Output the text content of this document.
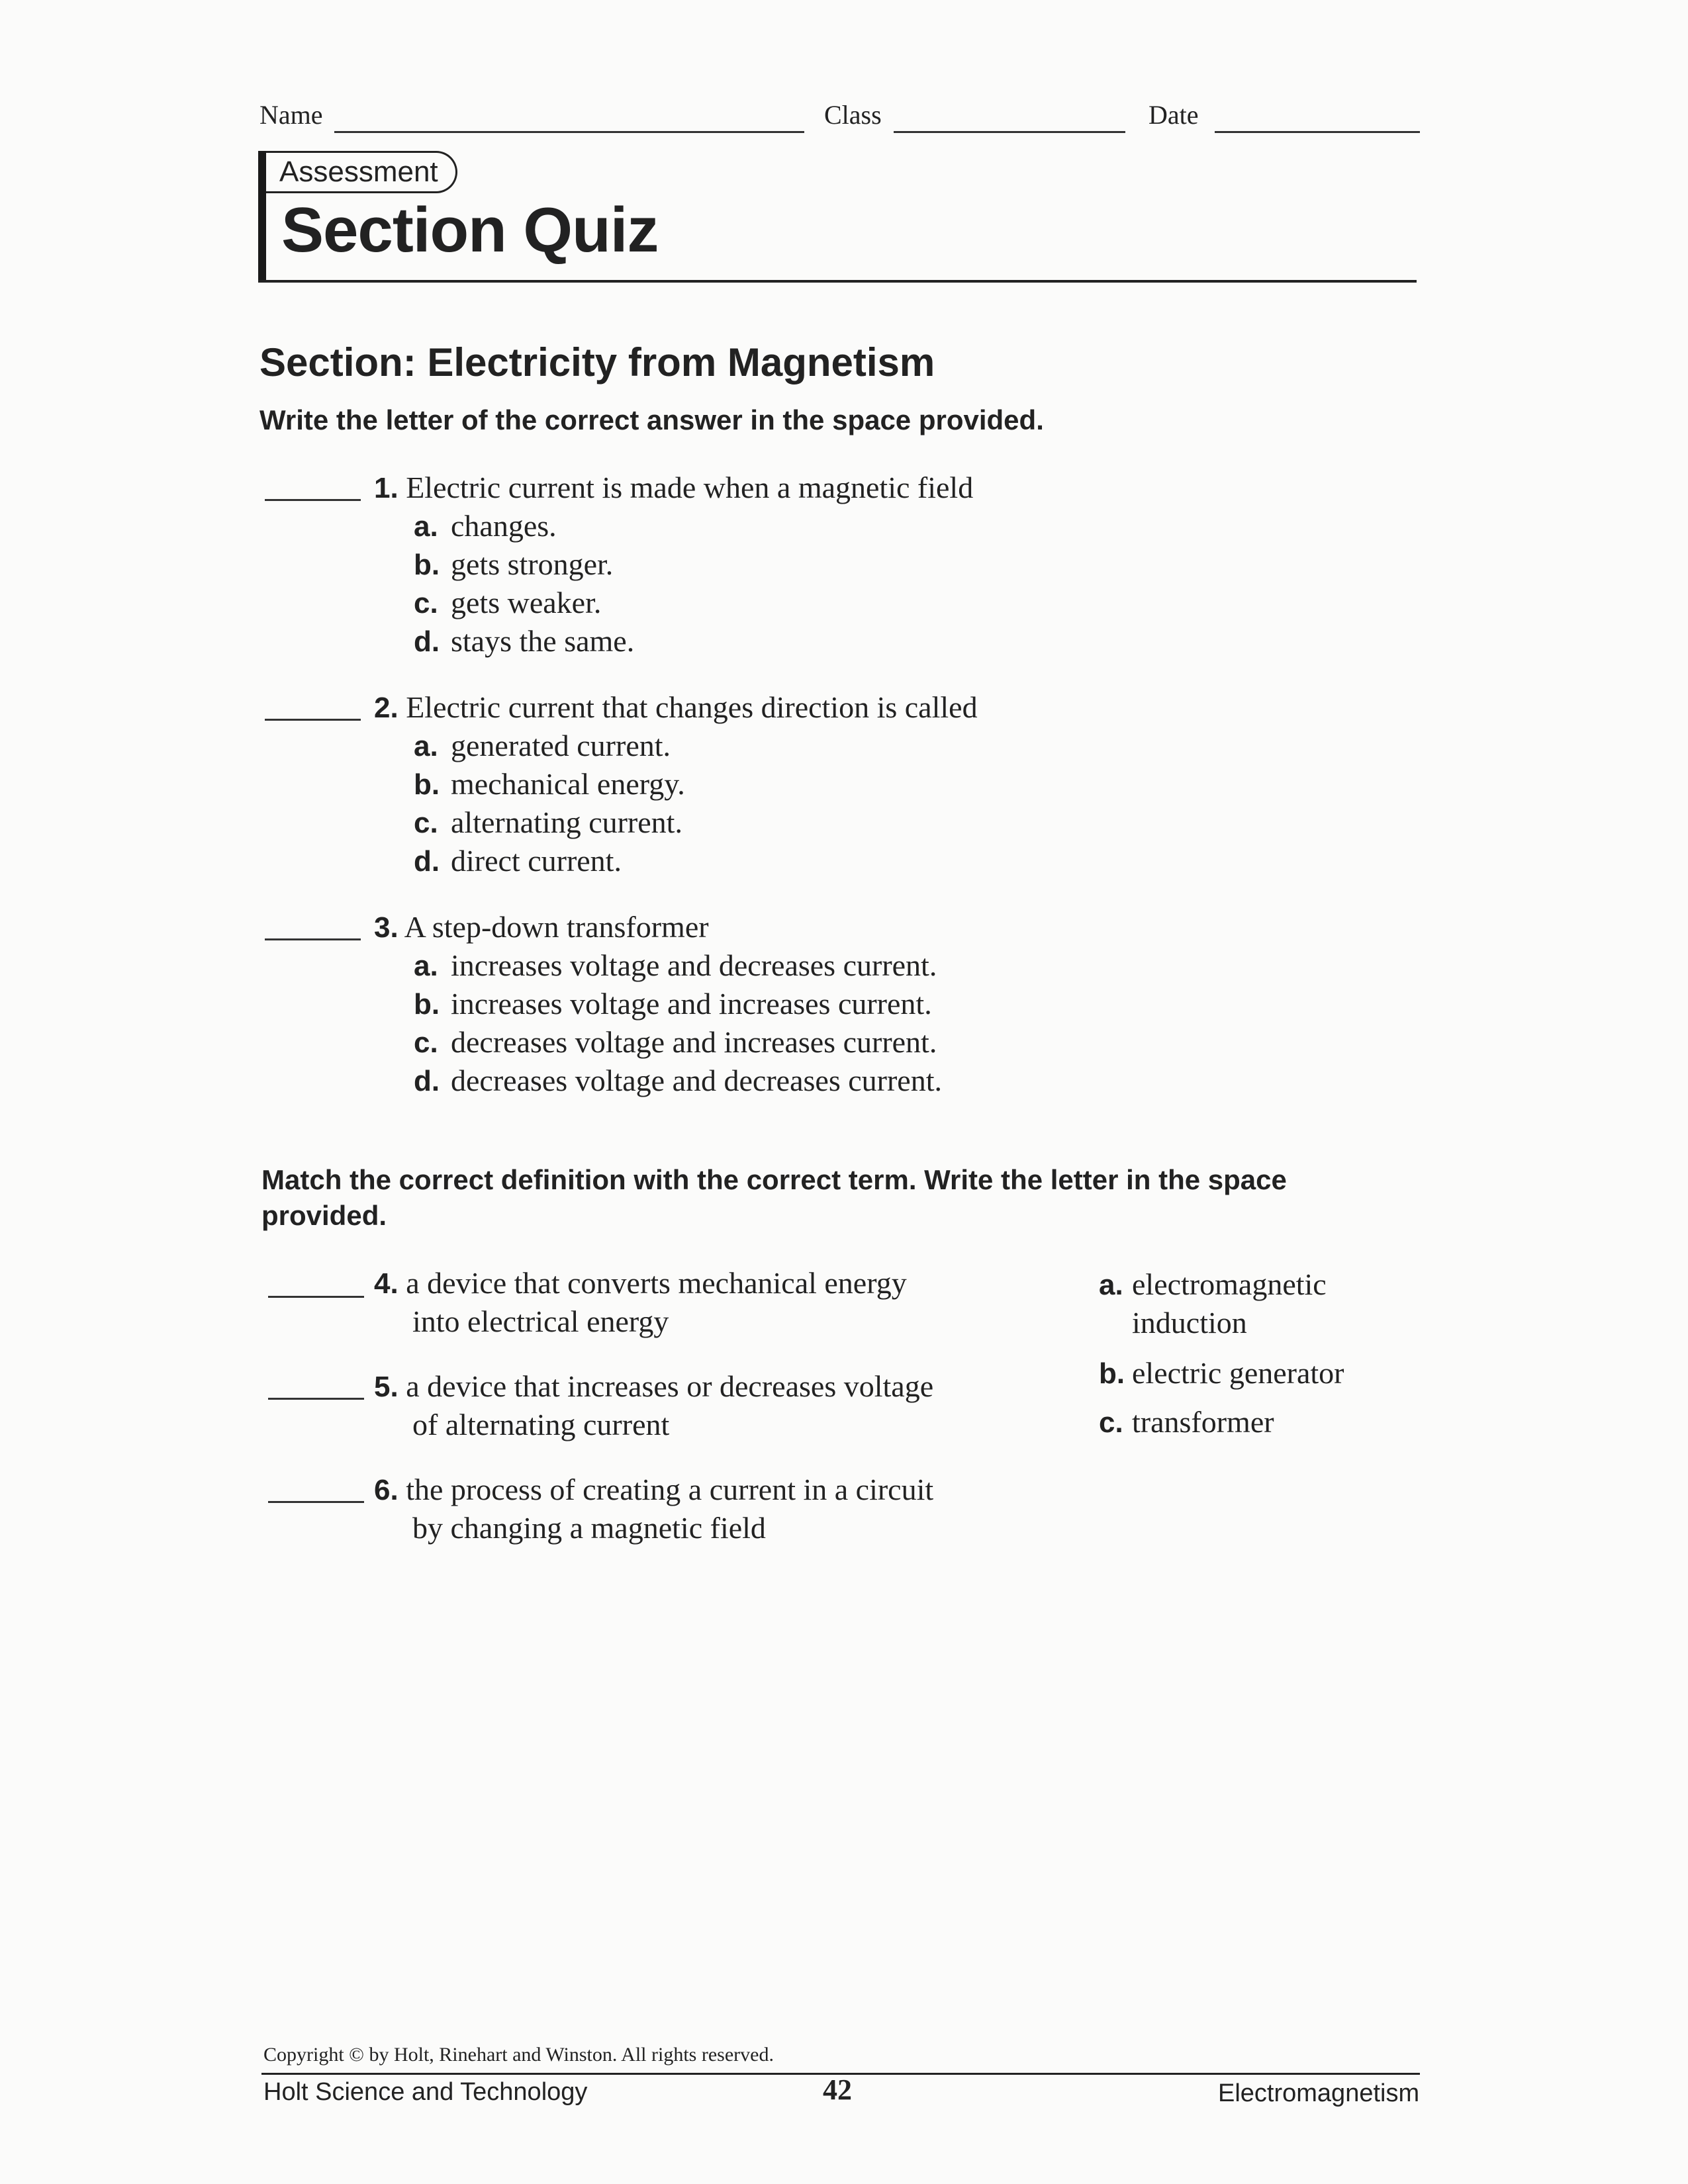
Name	Class	Date
Assessment
Section Quiz
Section: Electricity from Magnetism
Write the letter of the correct answer in the space provided.
1. Electric current is made when a magnetic field
a. changes.
b. gets stronger.
c. gets weaker.
d. stays the same.
2. Electric current that changes direction is called
a. generated current.
b. mechanical energy.
c. alternating current.
d. direct current.
3. A step-down transformer
a. increases voltage and decreases current.
b. increases voltage and increases current.
c. decreases voltage and increases current.
d. decreases voltage and decreases current.
Match the correct definition with the correct term. Write the letter in the space
provided.
4. a device that converts mechanical energy
into electrical energy
5. a device that increases or decreases voltage
of alternating current
6. the process of creating a current in a circuit
by changing a magnetic field
a. electromagnetic
induction
b. electric generator
c. transformer
Copyright © by Holt, Rinehart and Winston. All rights reserved.
Holt Science and Technology	42	Electromagnetism
